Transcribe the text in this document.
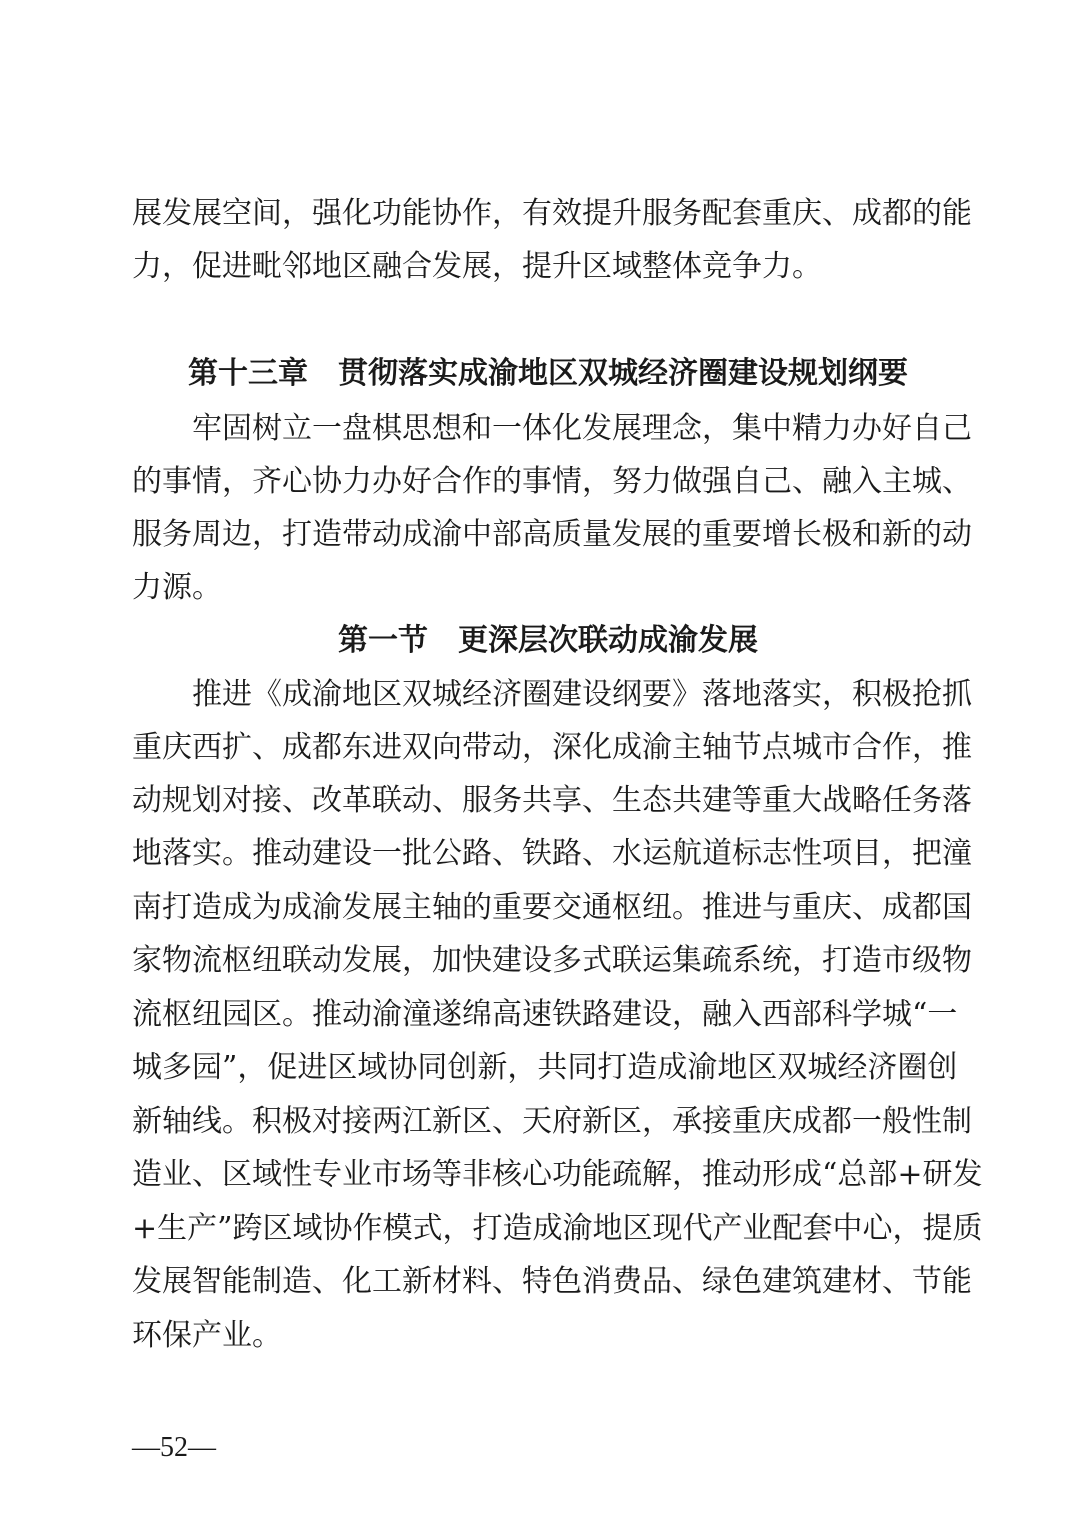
展发展空间，强化功能协作，有效提升服务配套重庆、成都的能
力，促进毗邻地区融合发展，提升区域整体竞争力。
第十三章　贯彻落实成渝地区双城经济圈建设规划纲要
　　牢固树立一盘棋思想和一体化发展理念，集中精力办好自己
的事情，齐心协力办好合作的事情，努力做强自己、融入主城、
服务周边，打造带动成渝中部高质量发展的重要增长极和新的动
力源。
第一节　更深层次联动成渝发展
　　推进《成渝地区双城经济圈建设纲要》落地落实，积极抢抓
重庆西扩、成都东进双向带动，深化成渝主轴节点城市合作，推
动规划对接、改革联动、服务共享、生态共建等重大战略任务落
地落实。推动建设一批公路、铁路、水运航道标志性项目，把潼
南打造成为成渝发展主轴的重要交通枢纽。推进与重庆、成都国
家物流枢纽联动发展，加快建设多式联运集疏系统，打造市级物
流枢纽园区。推动渝潼遂绵高速铁路建设，融入西部科学城“一
城多园”，促进区域协同创新，共同打造成渝地区双城经济圈创
新轴线。积极对接两江新区、天府新区，承接重庆成都一般性制
造业、区域性专业市场等非核心功能疏解，推动形成“总部+研发
+生产”跨区域协作模式，打造成渝地区现代产业配套中心，提质
发展智能制造、化工新材料、特色消费品、绿色建筑建材、节能
环保产业。
—52—
